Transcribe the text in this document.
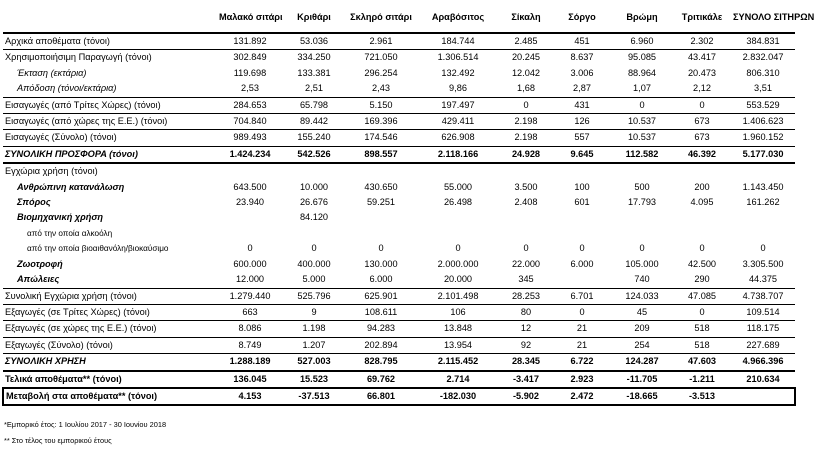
	Μαλακό σιτάρι	Κριθάρι	Σκληρό σιτάρι	Αραβόσιτος	Σίκαλη	Σόργο	Βρώμη	Τριτικάλε	ΣΥΝΟΛΟ ΣΙΤΗΡΩΝ
Αρχικά αποθέματα (τόνοι)	131.892	53.036	2.961	184.744	2.485	451	6.960	2.302	384.831
Χρησιμοποιήσιμη Παραγωγή (τόνοι)	302.849	334.250	721.050	1.306.514	20.245	8.637	95.085	43.417	2.832.047
Έκταση (εκτάρια)	119.698	133.381	296.254	132.492	12.042	3.006	88.964	20.473	806.310
Απόδοση (τόνοι/εκτάρια)	2,53	2,51	2,43	9,86	1,68	2,87	1,07	2,12	3,51
Εισαγωγές (από Τρίτες Χώρες) (τόνοι)	284.653	65.798	5.150	197.497	0	431	0	0	553.529
Εισαγωγές (από χώρες της Ε.Ε.) (τόνοι)	704.840	89.442	169.396	429.411	2.198	126	10.537	673	1.406.623
Εισαγωγές (Σύνολο) (τόνοι)	989.493	155.240	174.546	626.908	2.198	557	10.537	673	1.960.152
ΣΥΝΟΛΙΚΗ ΠΡΟΣΦΟΡΑ (τόνοι)	1.424.234	542.526	898.557	2.118.166	24.928	9.645	112.582	46.392	5.177.030
Εγχώρια χρήση (τόνοι)									
Ανθρώπινη κατανάλωση	643.500	10.000	430.650	55.000	3.500	100	500	200	1.143.450
Σπόρος	23.940	26.676	59.251	26.498	2.408	601	17.793	4.095	161.262
Βιομηχανική χρήση		84.120							
από την οποία αλκοόλη									
από την οποία βιοαιθανόλη/βιοκαύσιμο	0	0	0	0	0	0	0	0	0
Ζωοτροφή	600.000	400.000	130.000	2.000.000	22.000	6.000	105.000	42.500	3.305.500
Απώλειες	12.000	5.000	6.000	20.000	345		740	290	44.375
Συνολική Εγχώρια χρήση (τόνοι)	1.279.440	525.796	625.901	2.101.498	28.253	6.701	124.033	47.085	4.738.707
Εξαγωγές (σε Τρίτες Χώρες) (τόνοι)	663	9	108.611	106	80	0	45	0	109.514
Εξαγωγές (σε χώρες της Ε.Ε.) (τόνοι)	8.086	1.198	94.283	13.848	12	21	209	518	118.175
Εξαγωγές (Σύνολο) (τόνοι)	8.749	1.207	202.894	13.954	92	21	254	518	227.689
ΣΥΝΟΛΙΚΗ ΧΡΗΣΗ	1.288.189	527.003	828.795	2.115.452	28.345	6.722	124.287	47.603	4.966.396
Τελικά αποθέματα** (τόνοι)	136.045	15.523	69.762	2.714	-3.417	2.923	-11.705	-1.211	210.634
Μεταβολή στα αποθέματα** (τόνοι)	4.153	-37.513	66.801	-182.030	-5.902	2.472	-18.665	-3.513	
*Εμπορικό έτος: 1 Ιουλίου 2017 - 30 Ιουνίου 2018
** Στο τέλος του εμπορικού έτους
